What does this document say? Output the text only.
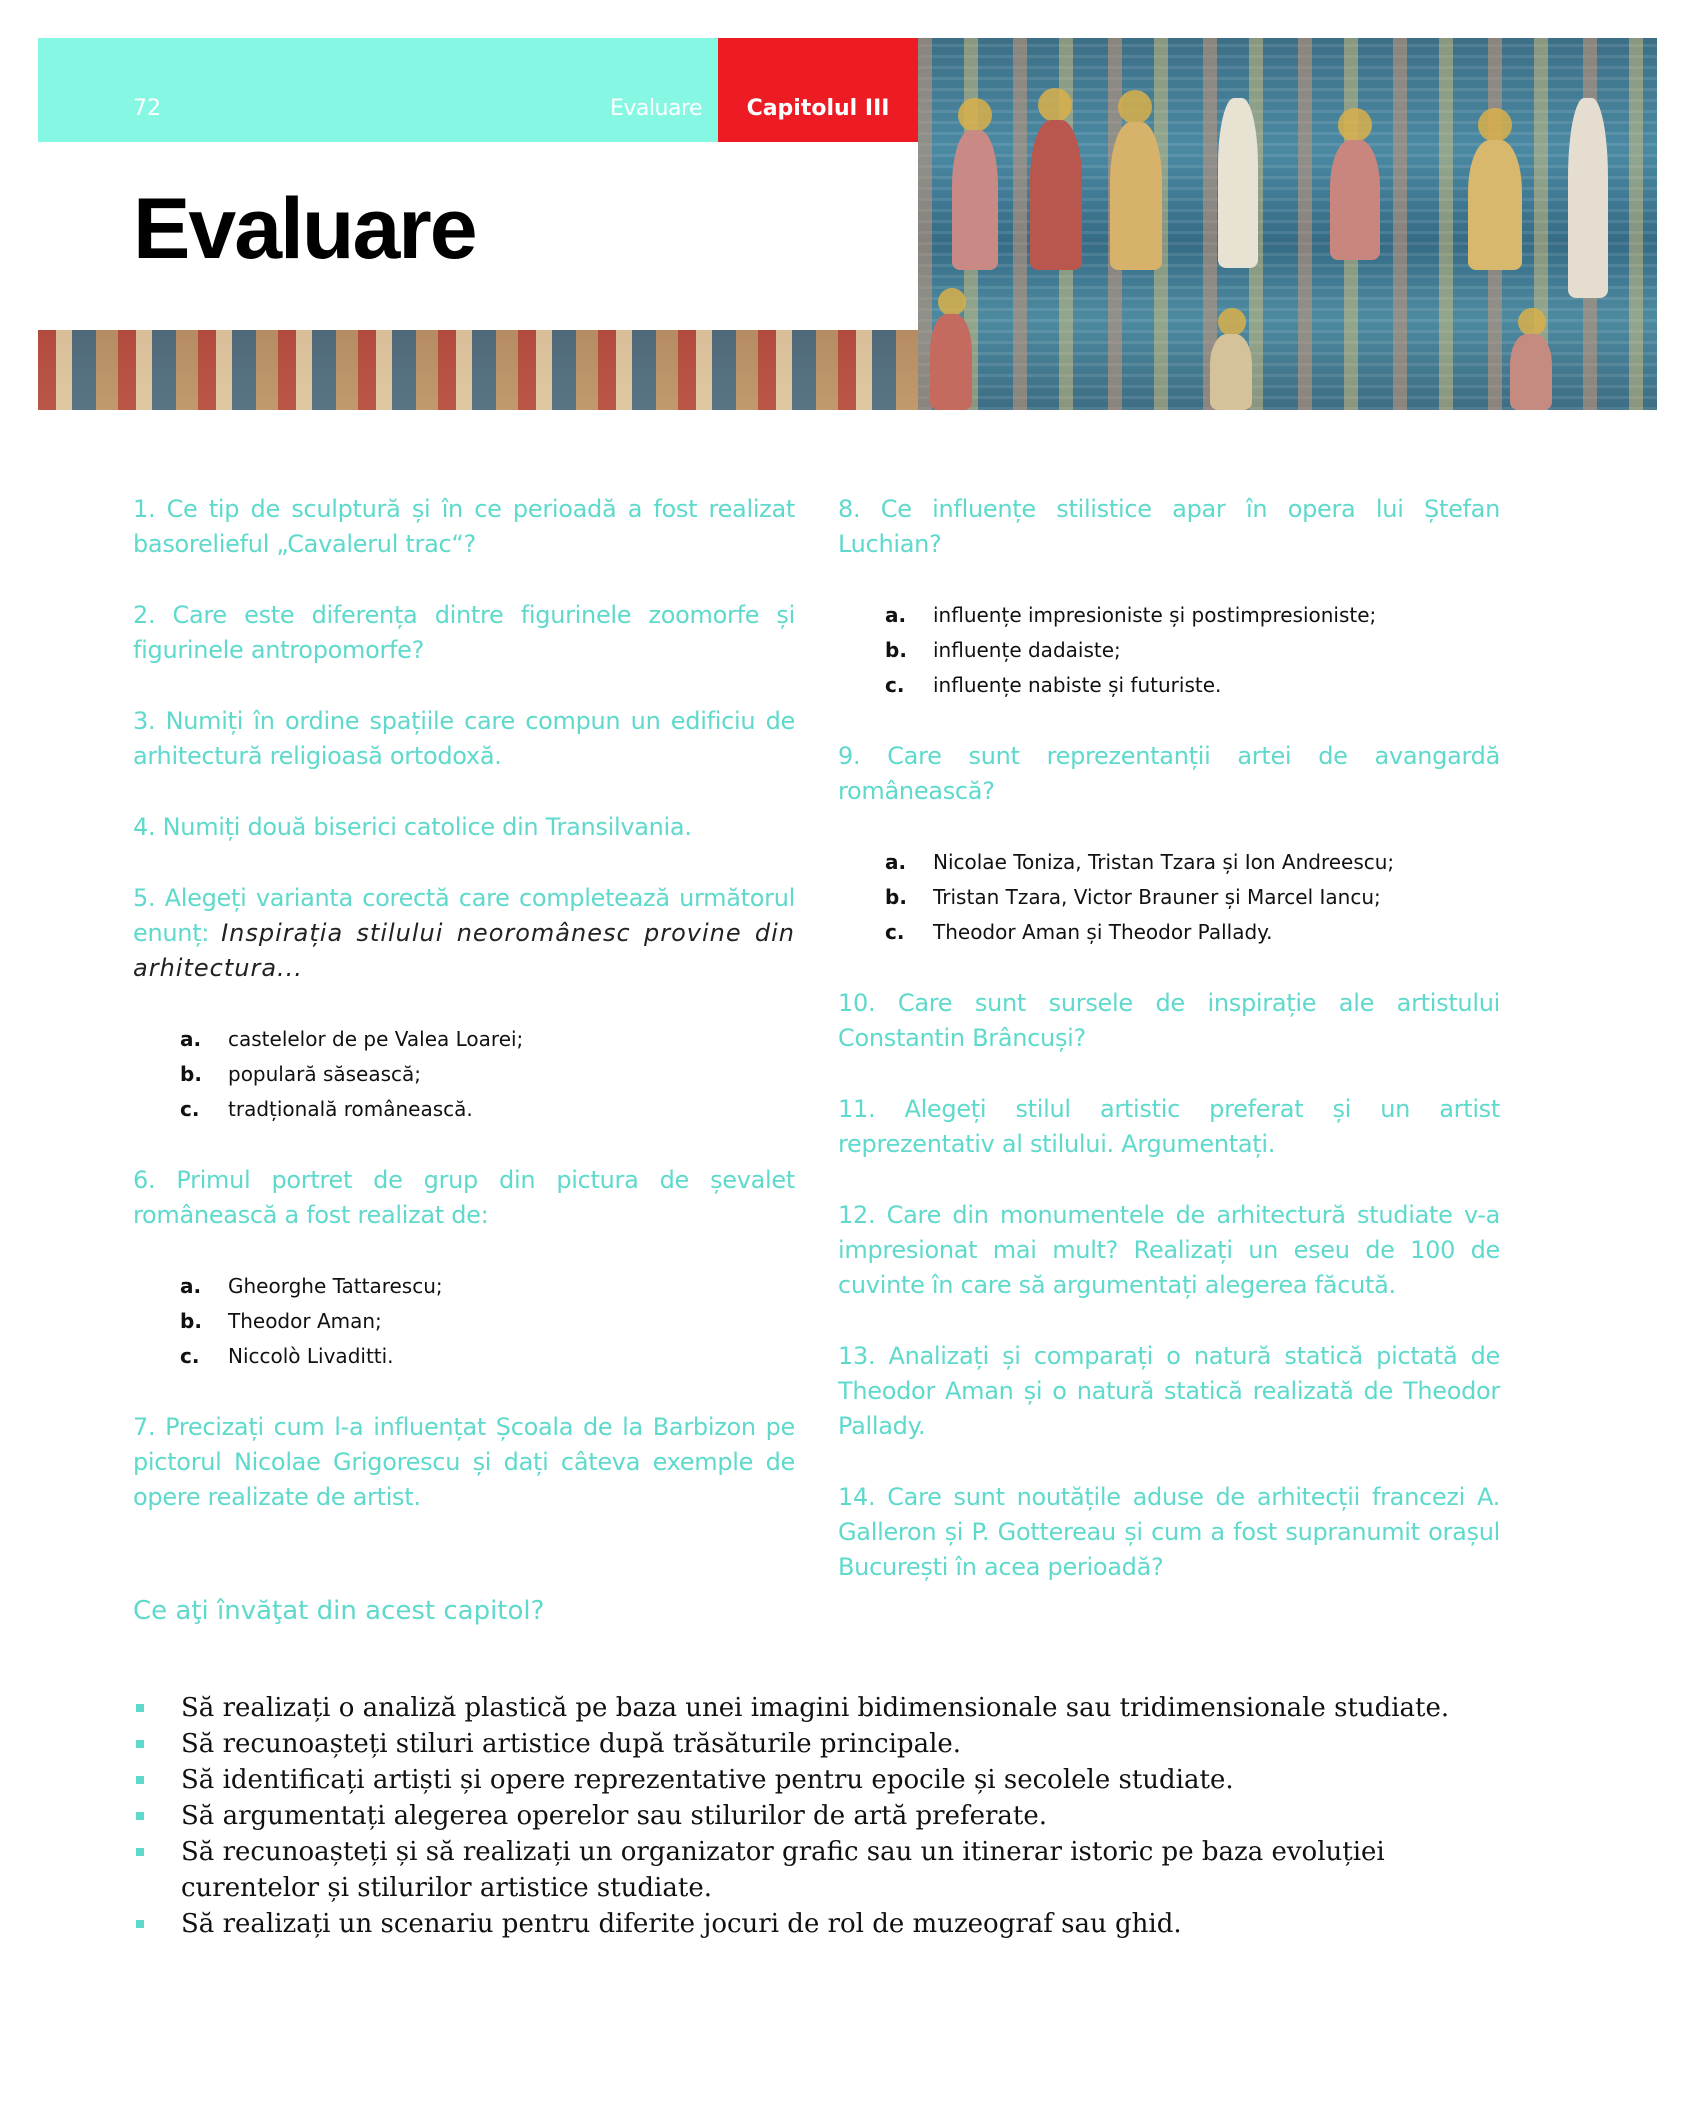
72	Evaluare	Capitolul III
Evaluare

1. Ce tip de sculptură și în ce perioadă a fost realizat basorelieful „Cavalerul trac“?

2. Care este diferența dintre figurinele zoomorfe și figurinele antropomorfe?

3. Numiți în ordine spațiile care compun un edificiu de arhitectură religioasă ortodoxă.

4. Numiți două biserici catolice din Transilvania.

5. Alegeți varianta corectă care completează următorul enunț: Inspirația stilului neoromânesc provine din arhitectura...

a.	castelelor de pe Valea Loarei;
b.	populară săsească;
c.	tradțională românească.

6. Primul portret de grup din pictura de șevalet românească a fost realizat de:

a.	Gheorghe Tattarescu;
b.	Theodor Aman;
c.	Niccolò Livaditti.

7. Precizați cum l-a influențat Școala de la Barbizon pe pictorul Nicolae Grigorescu și dați câteva exemple de opere realizate de artist.

8. Ce influențe stilistice apar în opera lui Ștefan Luchian?

a.	influențe impresioniste și postimpresioniste;
b.	influențe dadaiste;
c.	influențe nabiste și futuriste.

9. Care sunt reprezentanții artei de avangardă românească?

a.	Nicolae Toniza, Tristan Tzara și Ion Andreescu;
b.	Tristan Tzara, Victor Brauner și Marcel Iancu;
c.	Theodor Aman și Theodor Pallady.

10. Care sunt sursele de inspirație ale artistului Constantin Brâncuși?

11. Alegeți stilul artistic preferat și un artist reprezentativ al stilului. Argumentați.

12. Care din monumentele de arhitectură studiate v-a impresionat mai mult? Realizați un eseu de 100 de cuvinte în care să argumentați alegerea făcută.

13. Analizați și comparați o natură statică pictată de Theodor Aman și o natură statică realizată de Theodor Pallady.

14. Care sunt noutățile aduse de arhitecții francezi A. Galleron și P. Gottereau și cum a fost supranumit orașul București în acea perioadă?

Ce aţi învăţat din acest capitol?
Să realizați o analiză plastică pe baza unei imagini bidimensionale sau tridimensionale studiate.
Să recunoașteți stiluri artistice după trăsăturile principale.
Să identificați artiști și opere reprezentative pentru epocile și secolele studiate.
Să argumentați alegerea operelor sau stilurilor de artă preferate.
Să recunoașteți și să realizați un organizator grafic sau un itinerar istoric pe baza evoluției curentelor și stilurilor artistice studiate.
Să realizați un scenariu pentru diferite jocuri de rol de muzeograf sau ghid.
